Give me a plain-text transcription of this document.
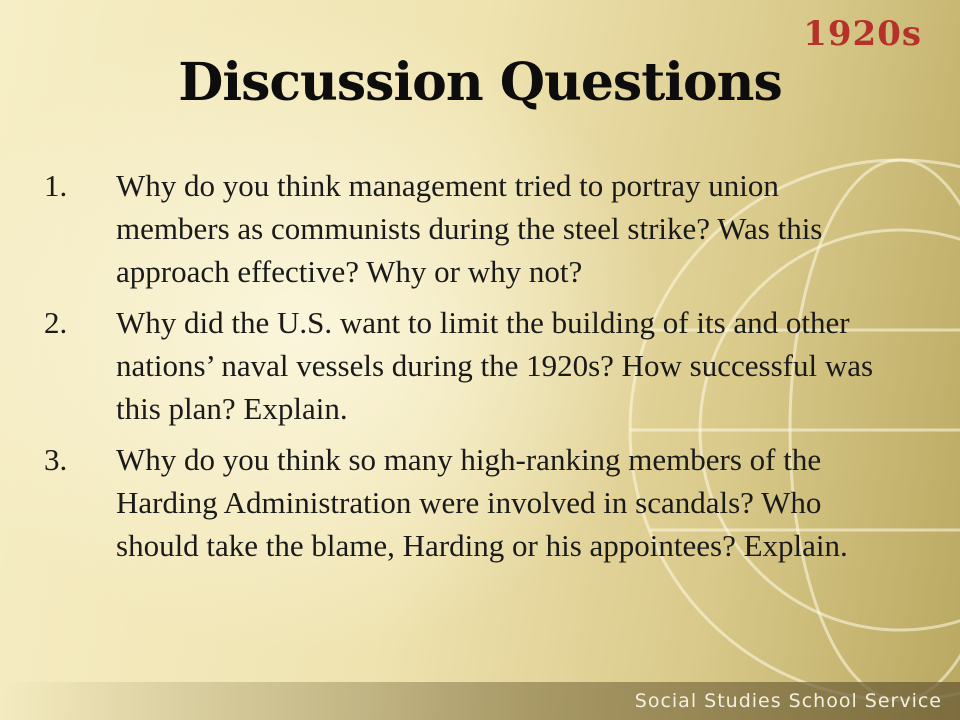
1920s
Discussion Questions
1. Why do you think management tried to portray union members as communists during the steel strike? Was this approach effective? Why or why not?
2. Why did the U.S. want to limit the building of its and other nations’ naval vessels during the 1920s? How successful was this plan? Explain.
3. Why do you think so many high-ranking members of the Harding Administration were involved in scandals? Who should take the blame, Harding or his appointees? Explain.
Social Studies School Service
